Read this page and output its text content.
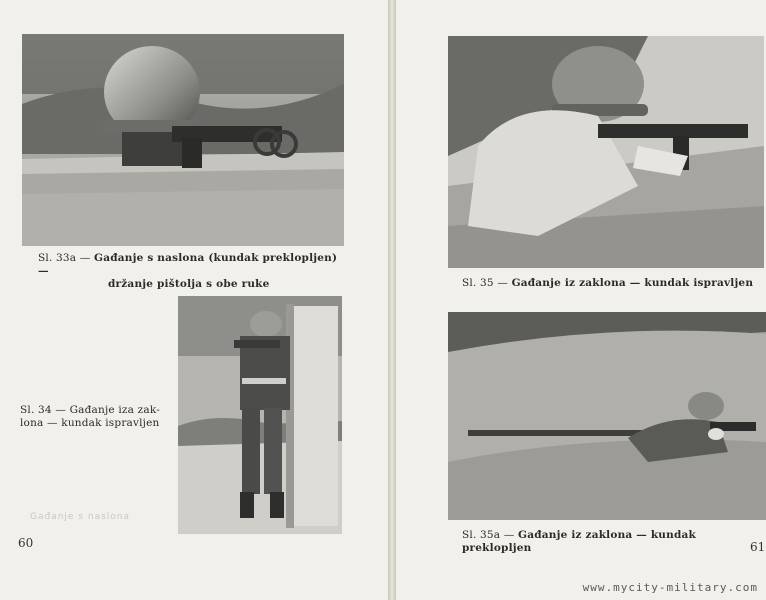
Sl. 33a — Gađanje s naslona (kundak preklopljen) —
držanje pištolja s obe ruke
Sl. 34 — Gađanje iza zak-
lona — kundak ispravljen
Gađanje s naslona
60
Sl. 35 — Gađanje iz zaklona — kundak ispravljen
Sl. 35a — Gađanje iz zaklona — kundak preklopljen	61
www.mycity-military.com
